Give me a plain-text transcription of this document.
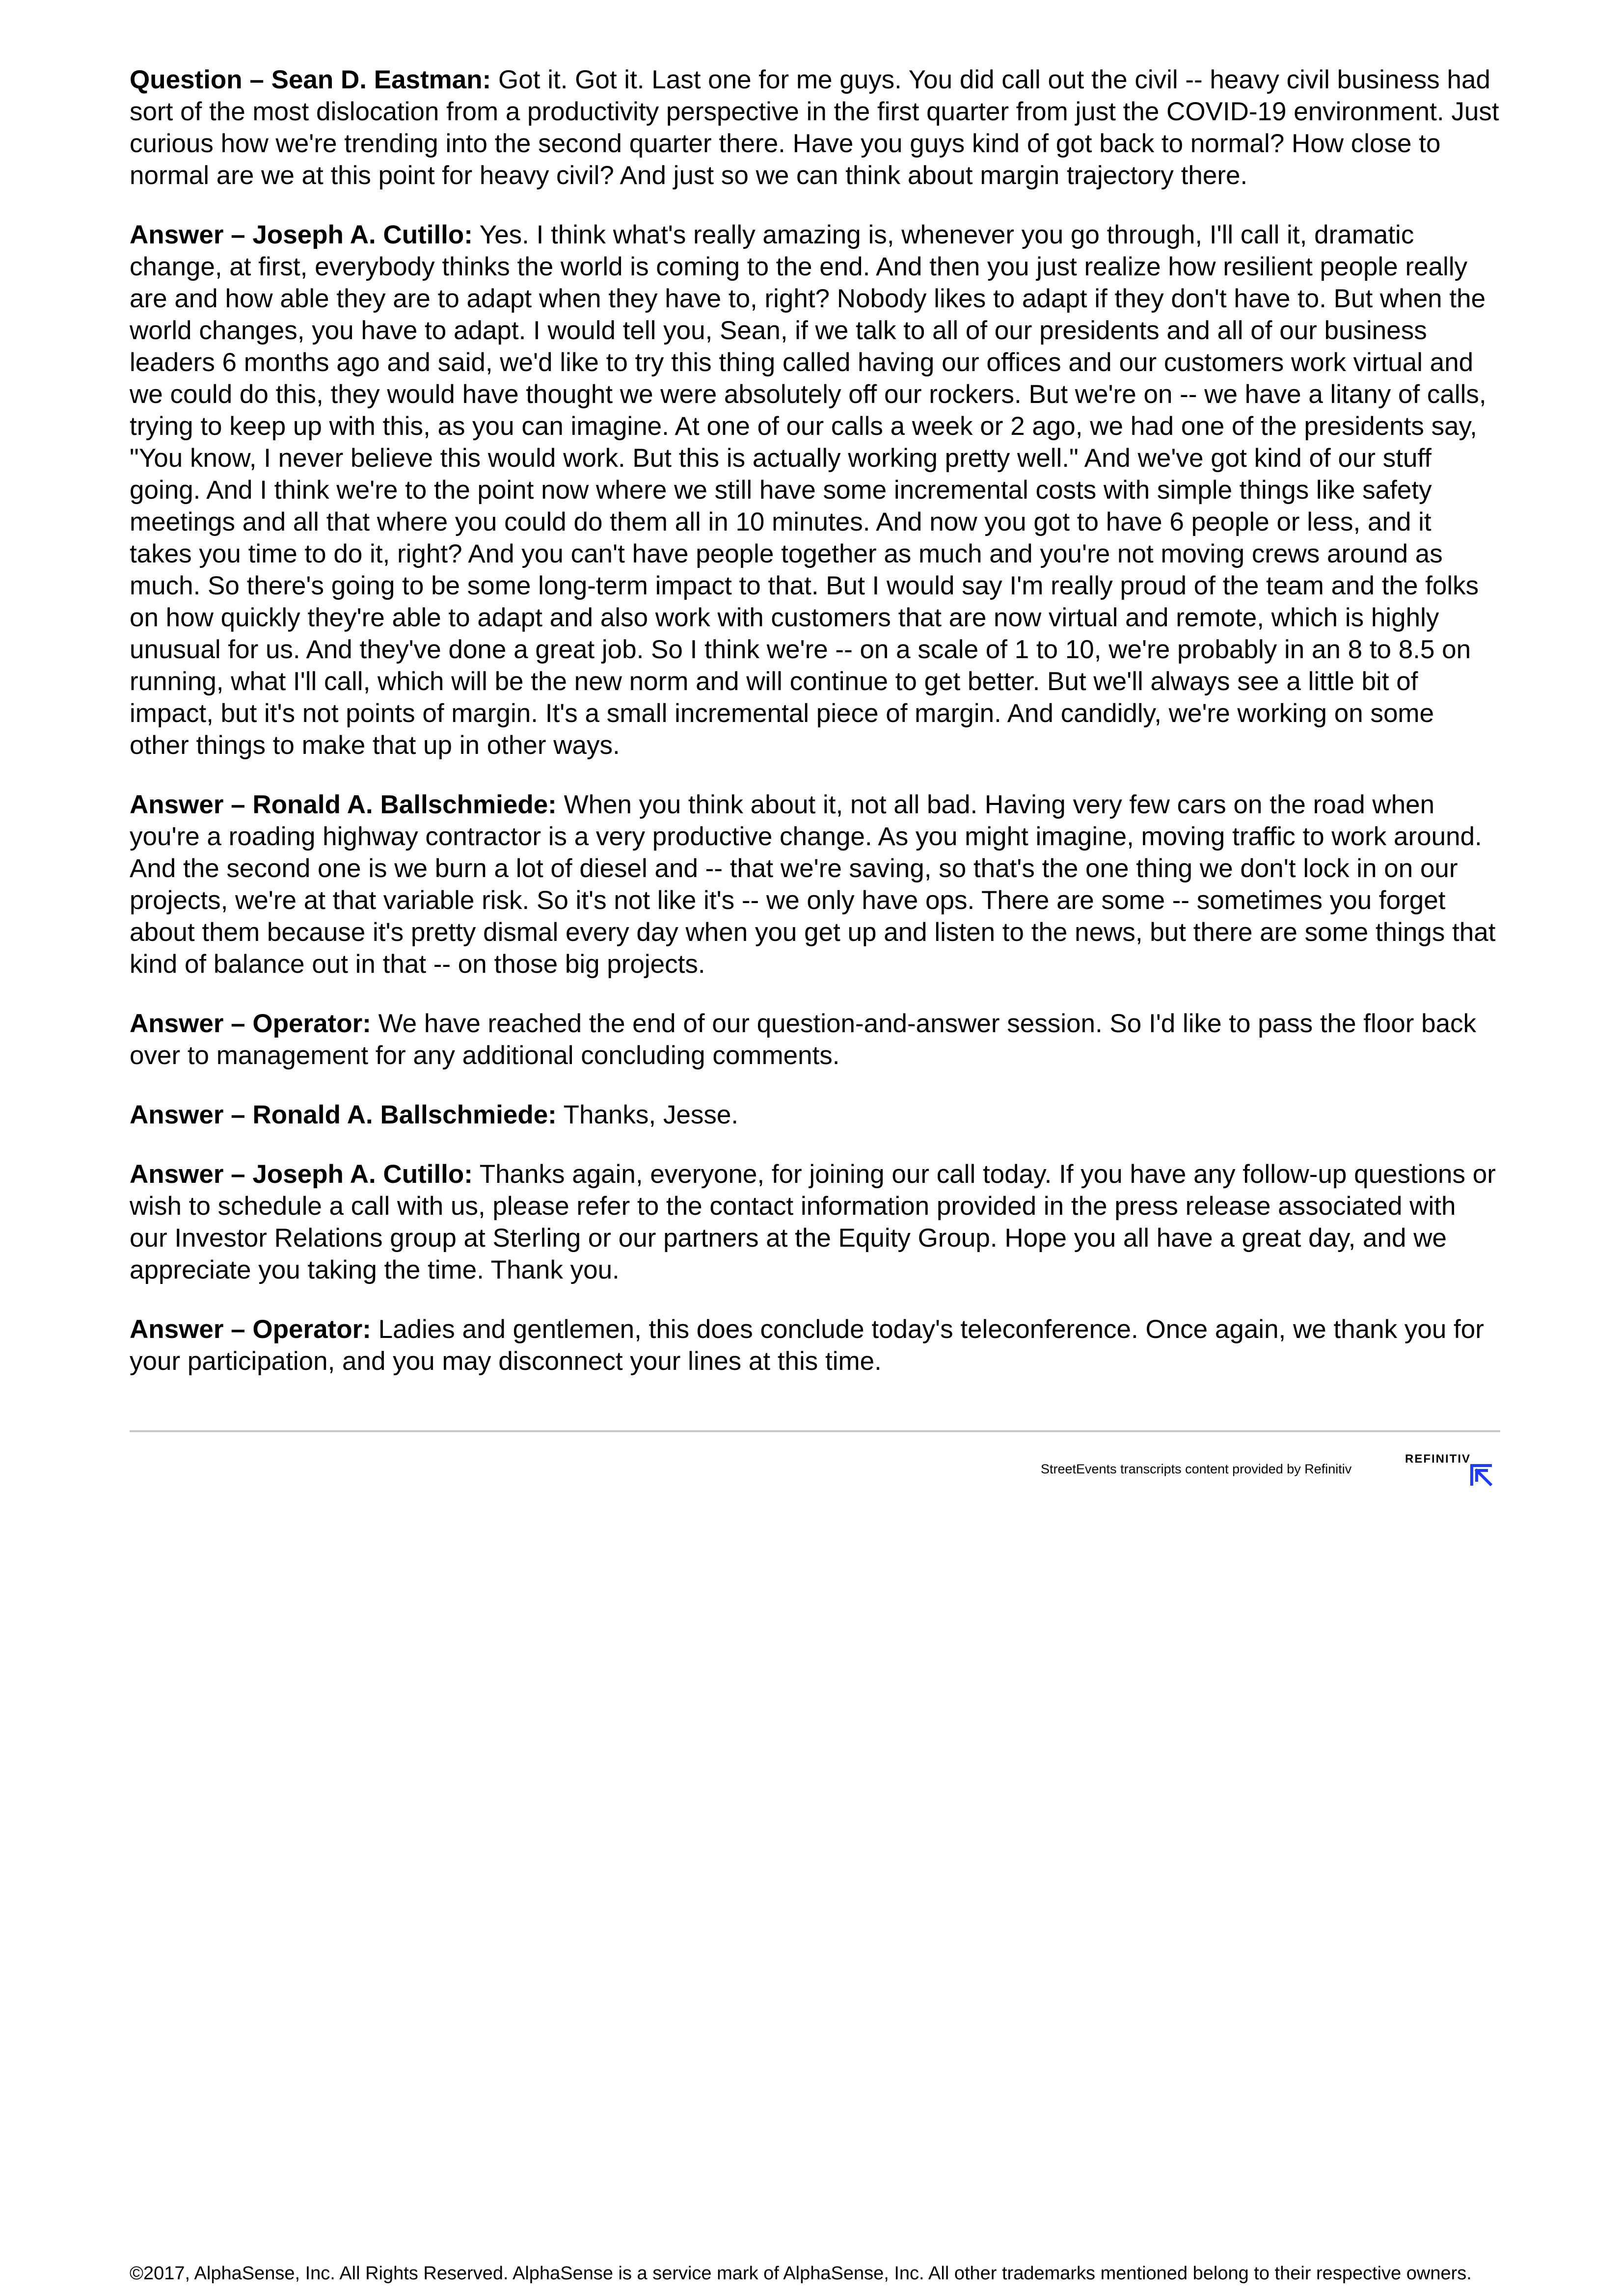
Question – Sean D. Eastman: Got it. Got it. Last one for me guys. You did call out the civil -- heavy civil business had sort of the most dislocation from a productivity perspective in the first quarter from just the COVID-19 environment. Just curious how we're trending into the second quarter there. Have you guys kind of got back to normal? How close to normal are we at this point for heavy civil? And just so we can think about margin trajectory there.

Answer – Joseph A. Cutillo: Yes. I think what's really amazing is, whenever you go through, I'll call it, dramatic change, at first, everybody thinks the world is coming to the end. And then you just realize how resilient people really are and how able they are to adapt when they have to, right? Nobody likes to adapt if they don't have to. But when the world changes, you have to adapt. I would tell you, Sean, if we talk to all of our presidents and all of our business leaders 6 months ago and said, we'd like to try this thing called having our offices and our customers work virtual and we could do this, they would have thought we were absolutely off our rockers. But we're on -- we have a litany of calls, trying to keep up with this, as you can imagine. At one of our calls a week or 2 ago, we had one of the presidents say, "You know, I never believe this would work. But this is actually working pretty well." And we've got kind of our stuff going. And I think we're to the point now where we still have some incremental costs with simple things like safety meetings and all that where you could do them all in 10 minutes. And now you got to have 6 people or less, and it takes you time to do it, right? And you can't have people together as much and you're not moving crews around as much. So there's going to be some long-term impact to that. But I would say I'm really proud of the team and the folks on how quickly they're able to adapt and also work with customers that are now virtual and remote, which is highly unusual for us. And they've done a great job. So I think we're -- on a scale of 1 to 10, we're probably in an 8 to 8.5 on running, what I'll call, which will be the new norm and will continue to get better. But we'll always see a little bit of impact, but it's not points of margin. It's a small incremental piece of margin. And candidly, we're working on some other things to make that up in other ways.

Answer – Ronald A. Ballschmiede: When you think about it, not all bad. Having very few cars on the road when you're a roading highway contractor is a very productive change. As you might imagine, moving traffic to work around. And the second one is we burn a lot of diesel and -- that we're saving, so that's the one thing we don't lock in on our projects, we're at that variable risk. So it's not like it's -- we only have ops. There are some -- sometimes you forget about them because it's pretty dismal every day when you get up and listen to the news, but there are some things that kind of balance out in that -- on those big projects.

Answer – Operator: We have reached the end of our question-and-answer session. So I'd like to pass the floor back over to management for any additional concluding comments.

Answer – Ronald A. Ballschmiede: Thanks, Jesse.

Answer – Joseph A. Cutillo: Thanks again, everyone, for joining our call today. If you have any follow-up questions or wish to schedule a call with us, please refer to the contact information provided in the press release associated with our Investor Relations group at Sterling or our partners at the Equity Group. Hope you all have a great day, and we appreciate you taking the time. Thank you.

Answer – Operator: Ladies and gentlemen, this does conclude today's teleconference. Once again, we thank you for your participation, and you may disconnect your lines at this time.

StreetEvents transcripts content provided by Refinitiv
REFINITIV
©2017, AlphaSense, Inc. All Rights Reserved. AlphaSense is a service mark of AlphaSense, Inc. All other trademarks mentioned belong to their respective owners.
